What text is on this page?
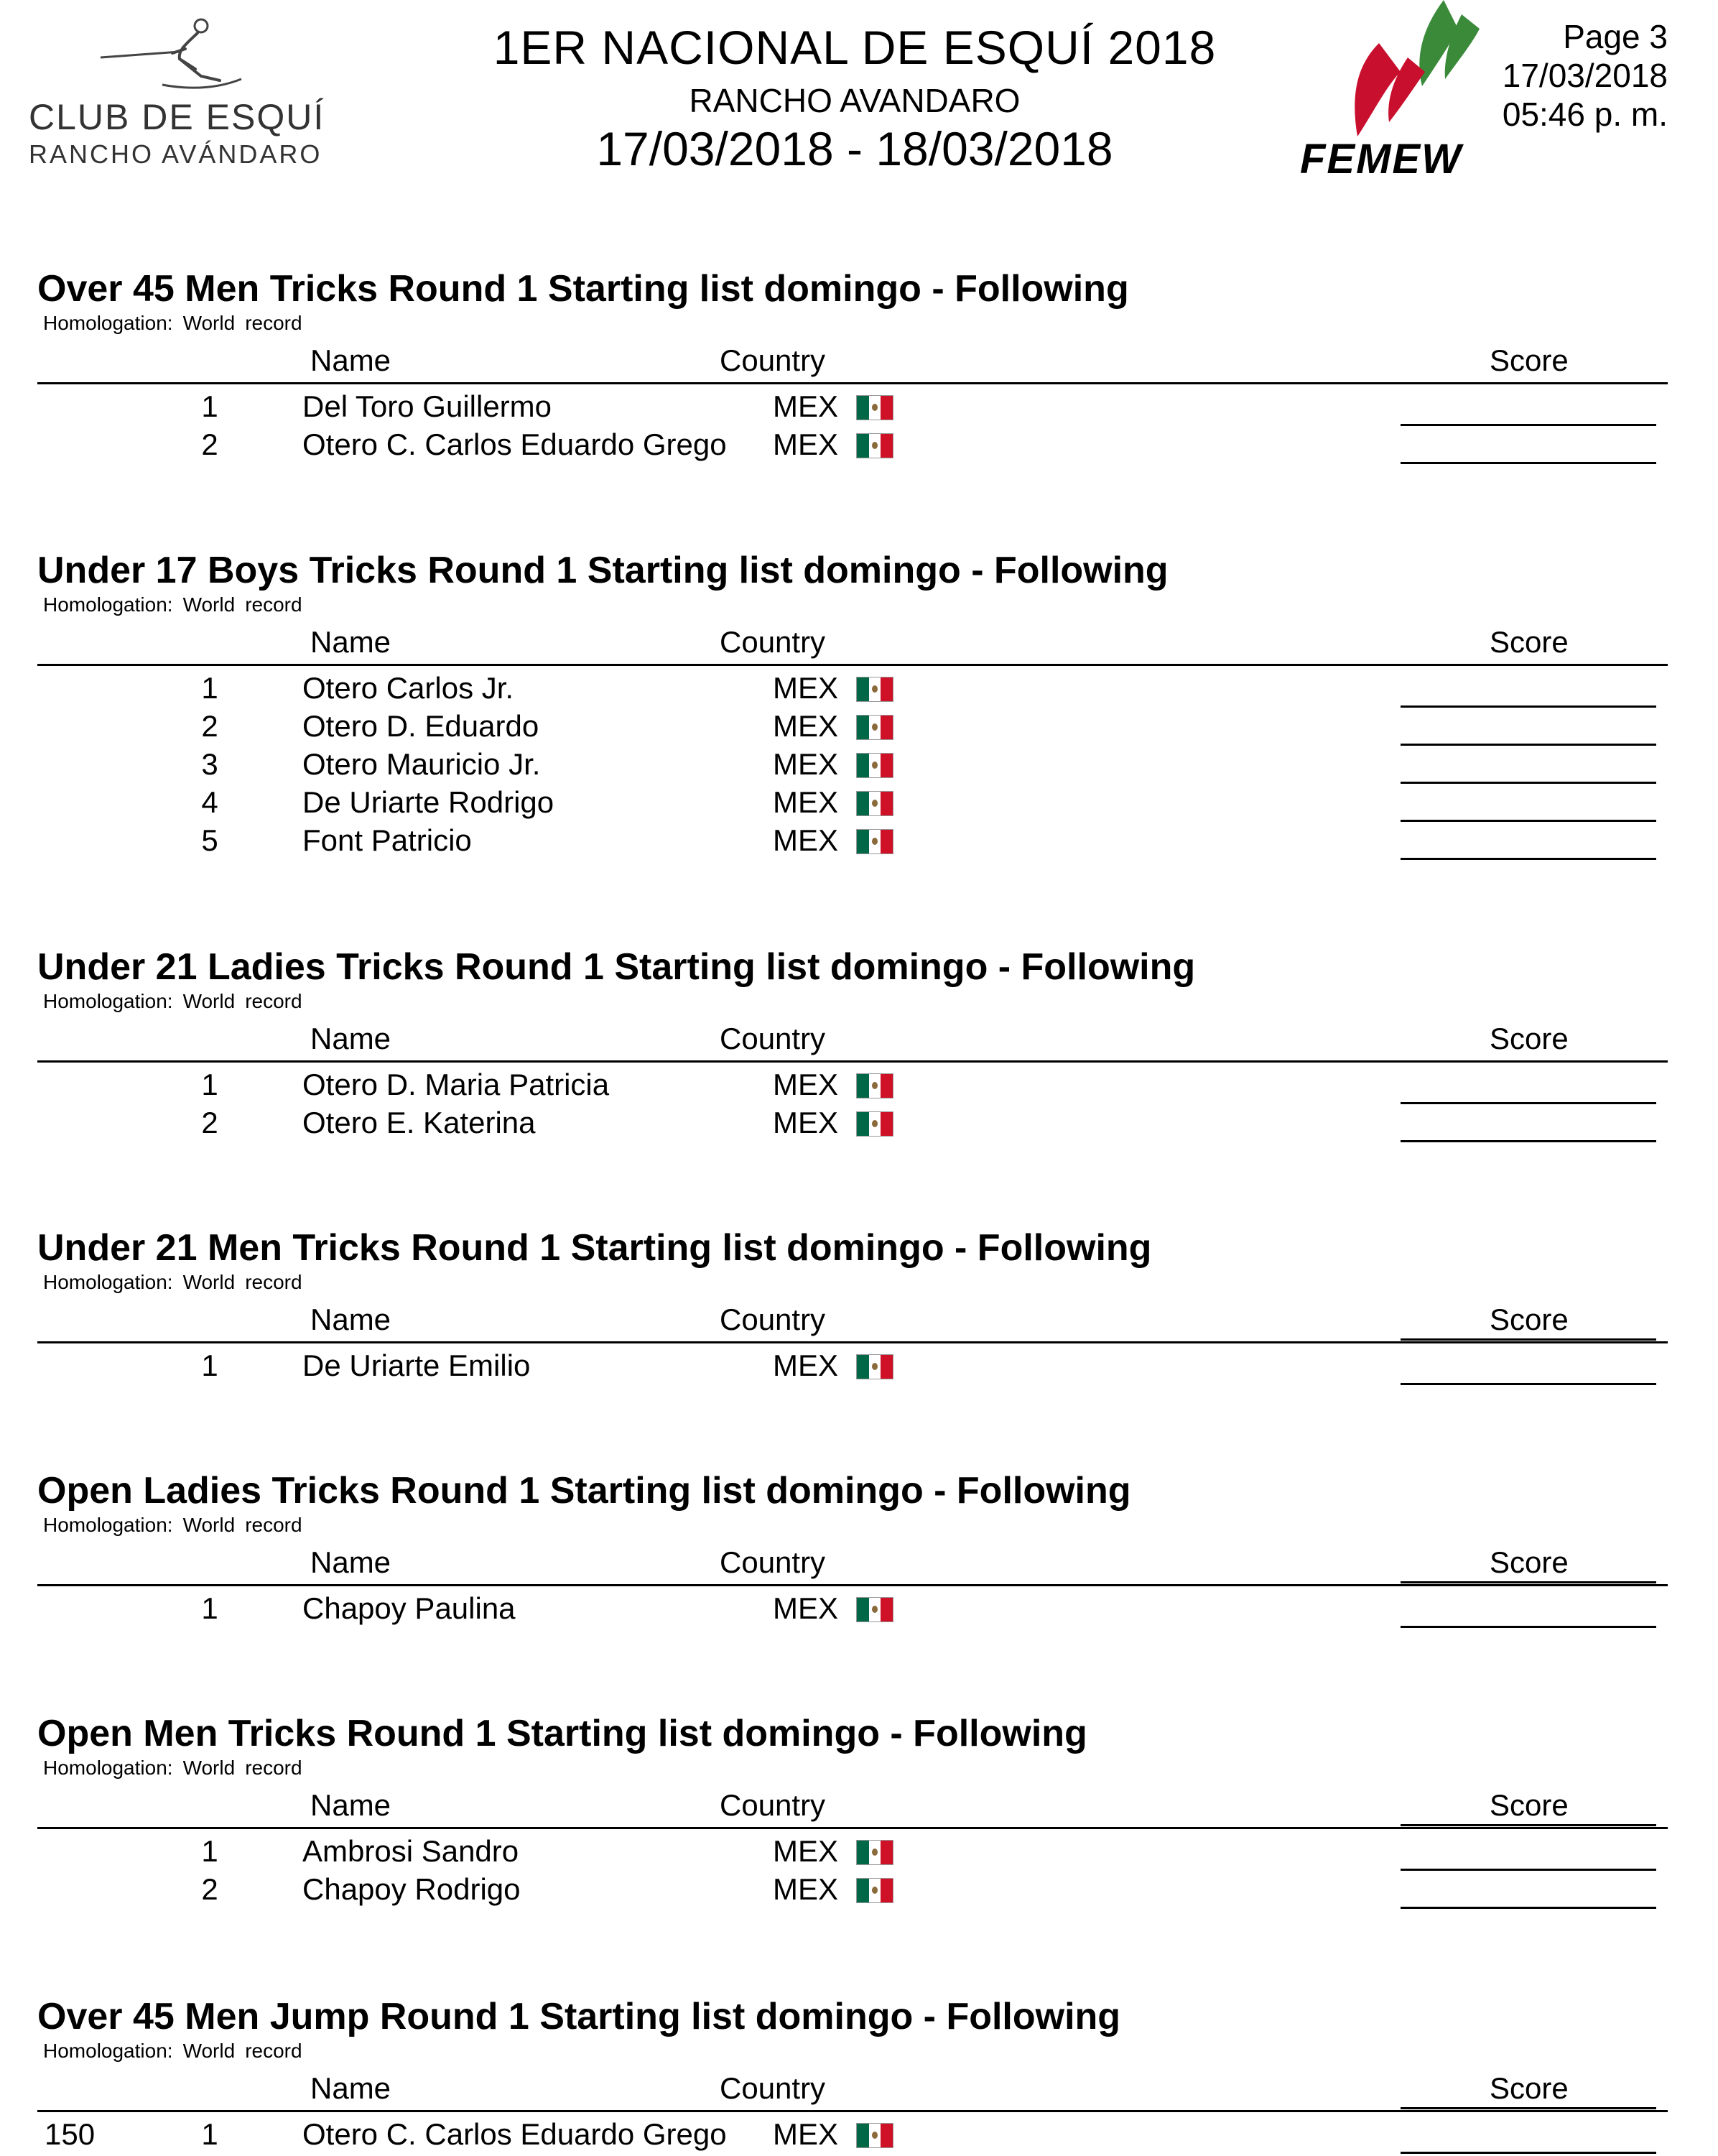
CLUB DE ESQUÍ
RANCHO AVÁNDARO
1ER NACIONAL DE ESQUÍ 2018
RANCHO AVANDARO
17/03/2018 - 18/03/2018	FEMEW
Page 3
17/03/2018
05:46 p. m.
Over 45 Men Tricks Round 1 Starting list domingo - Following
Homologation: World record
Name	Country	Score
1	Del Toro Guillermo	MEX
2	Otero C. Carlos Eduardo Grego MEX
Under 17 Boys Tricks Round 1 Starting list domingo - Following
Homologation: World record
Name	Country	Score
1	Otero Carlos Jr.	MEX
2	Otero D. Eduardo	MEX
3	Otero Mauricio Jr.	MEX
4	De Uriarte Rodrigo	MEX
5	Font Patricio	MEX
Under 21 Ladies Tricks Round 1 Starting list domingo - Following
Homologation: World record
Name	Country	Score
1	Otero D. Maria Patricia	MEX
2	Otero E. Katerina	MEX
Under 21 Men Tricks Round 1 Starting list domingo - Following
Homologation: World record
Name	Country	Score
1	De Uriarte Emilio	MEX
Open Ladies Tricks Round 1 Starting list domingo - Following
Homologation: World record
Name	Country	Score
1	Chapoy Paulina	MEX
Open Men Tricks Round 1 Starting list domingo - Following
Homologation: World record
Name	Country	Score
1	Ambrosi Sandro	MEX
2	Chapoy Rodrigo	MEX
Over 45 Men Jump Round 1 Starting list domingo - Following
Homologation: World record
Name	Country	Score
150	1	Otero C. Carlos Eduardo Grego MEX
